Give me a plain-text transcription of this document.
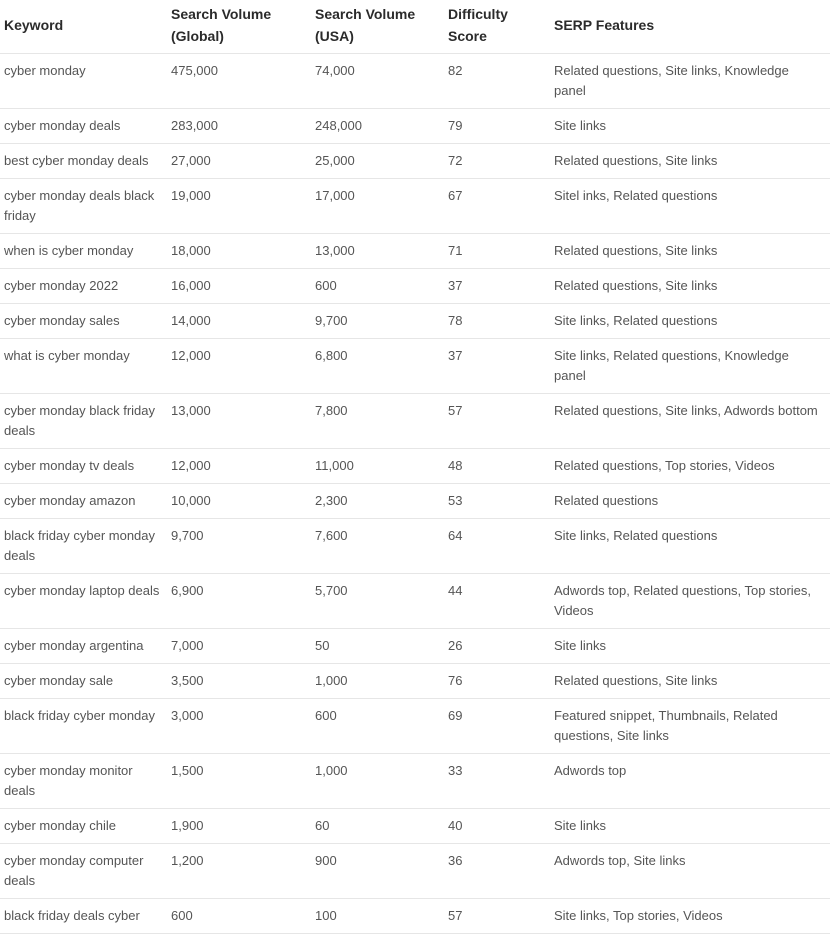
Keyword	Search Volume (Global)	Search Volume (USA)	Difficulty Score	SERP Features
cyber monday	475,000	74,000	82	Related questions, Site links, Knowledge panel
cyber monday deals	283,000	248,000	79	Site links
best cyber monday deals	27,000	25,000	72	Related questions, Site links
cyber monday deals black friday	19,000	17,000	67	Sitel inks, Related questions
when is cyber monday	18,000	13,000	71	Related questions, Site links
cyber monday 2022	16,000	600	37	Related questions, Site links
cyber monday sales	14,000	9,700	78	Site links, Related questions
what is cyber monday	12,000	6,800	37	Site links, Related questions, Knowledge panel
cyber monday black friday deals	13,000	7,800	57	Related questions, Site links, Adwords bottom
cyber monday tv deals	12,000	11,000	48	Related questions, Top stories, Videos
cyber monday amazon	10,000	2,300	53	Related questions
black friday cyber monday deals	9,700	7,600	64	Site links, Related questions
cyber monday laptop deals	6,900	5,700	44	Adwords top, Related questions, Top stories, Videos
cyber monday argentina	7,000	50	26	Site links
cyber monday sale	3,500	1,000	76	Related questions, Site links
black friday cyber monday	3,000	600	69	Featured snippet, Thumbnails, Related questions, Site links
cyber monday monitor deals	1,500	1,000	33	Adwords top
cyber monday chile	1,900	60	40	Site links
cyber monday computer deals	1,200	900	36	Adwords top, Site links
black friday deals cyber	600	100	57	Site links, Top stories, Videos
